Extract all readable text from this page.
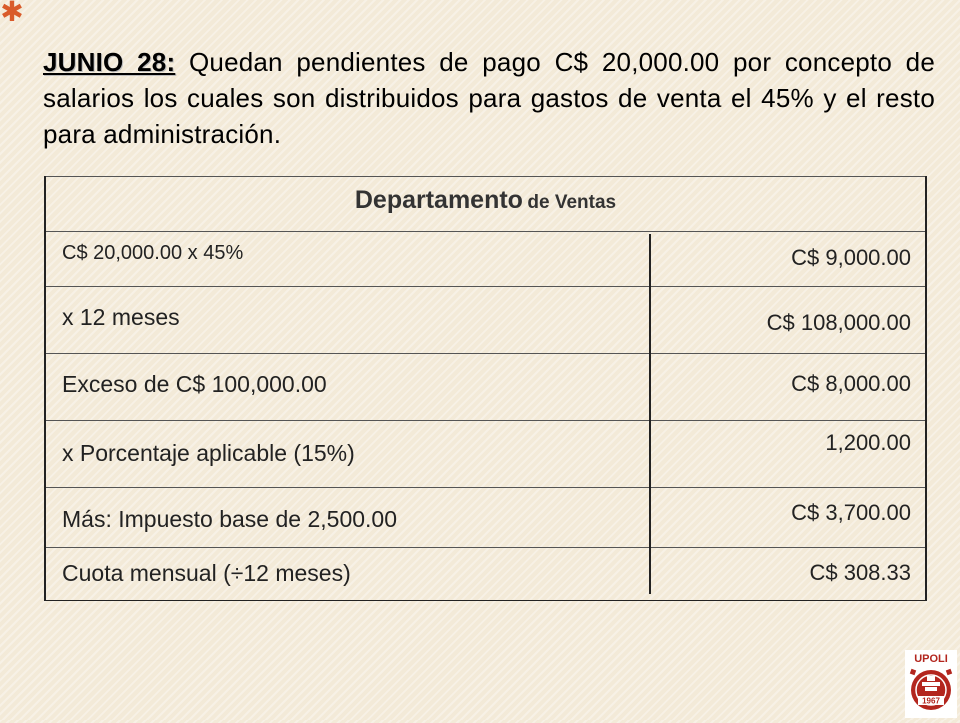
✱
JUNIO 28: Quedan pendientes de pago C$ 20,000.00 por concepto de salarios los cuales son distribuidos para gastos de venta el 45% y el resto para administración.
Departamento de Ventas
C$ 20,000.00 x 45%	C$ 9,000.00
x 12 meses	C$ 108,000.00
Exceso de C$ 100,000.00	C$ 8,000.00
x Porcentaje aplicable (15%)	1,200.00
Más: Impuesto base de 2,500.00	C$ 3,700.00
Cuota mensual (÷12 meses)	C$ 308.33
UPOLI
1967
